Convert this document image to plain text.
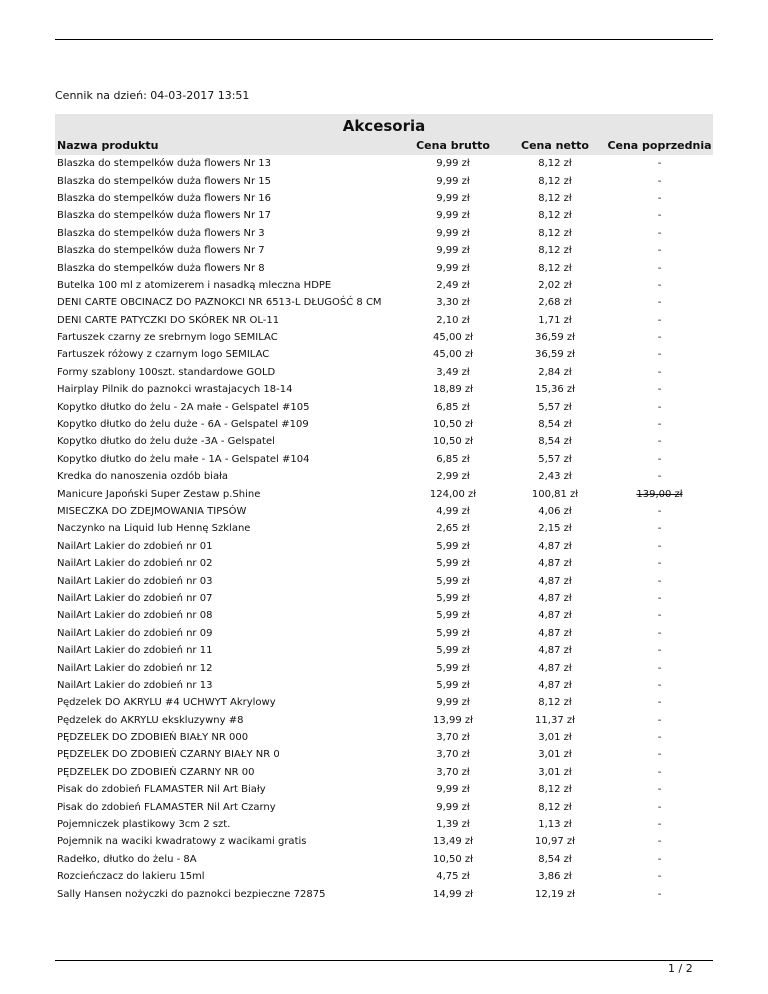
Cennik na dzień: 04-03-2017 13:51
Akcesoria
Nazwa produktu	Cena brutto	Cena netto	Cena poprzednia
Blaszka do stempelków duża flowers Nr 13	9,99 zł	8,12 zł	-
Blaszka do stempelków duża flowers Nr 15	9,99 zł	8,12 zł	-
Blaszka do stempelków duża flowers Nr 16	9,99 zł	8,12 zł	-
Blaszka do stempelków duża flowers Nr 17	9,99 zł	8,12 zł	-
Blaszka do stempelków duża flowers Nr 3	9,99 zł	8,12 zł	-
Blaszka do stempelków duża flowers Nr 7	9,99 zł	8,12 zł	-
Blaszka do stempelków duża flowers Nr 8	9,99 zł	8,12 zł	-
Butelka 100 ml z atomizerem i nasadką mleczna HDPE	2,49 zł	2,02 zł	-
DENI CARTE OBCINACZ DO PAZNOKCI NR 6513-L DŁUGOŚĆ 8 CM	3,30 zł	2,68 zł	-
DENI CARTE PATYCZKI DO SKÓREK NR OL-11	2,10 zł	1,71 zł	-
Fartuszek czarny ze srebrnym logo SEMILAC	45,00 zł	36,59 zł	-
Fartuszek różowy z czarnym logo SEMILAC	45,00 zł	36,59 zł	-
Formy szablony 100szt. standardowe GOLD	3,49 zł	2,84 zł	-
Hairplay Pilnik do paznokci wrastajacych 18-14	18,89 zł	15,36 zł	-
Kopytko dłutko do żelu - 2A małe - Gelspatel #105	6,85 zł	5,57 zł	-
Kopytko dłutko do żelu duże - 6A - Gelspatel #109	10,50 zł	8,54 zł	-
Kopytko dłutko do żelu duże -3A - Gelspatel	10,50 zł	8,54 zł	-
Kopytko dłutko do żelu małe - 1A - Gelspatel #104	6,85 zł	5,57 zł	-
Kredka do nanoszenia ozdób biała	2,99 zł	2,43 zł	-
Manicure Japoński Super Zestaw p.Shine	124,00 zł	100,81 zł	139,00 zł
MISECZKA DO ZDEJMOWANIA TIPSÓW	4,99 zł	4,06 zł	-
Naczynko na Liquid lub Hennę Szklane	2,65 zł	2,15 zł	-
NailArt Lakier do zdobień nr 01	5,99 zł	4,87 zł	-
NailArt Lakier do zdobień nr 02	5,99 zł	4,87 zł	-
NailArt Lakier do zdobień nr 03	5,99 zł	4,87 zł	-
NailArt Lakier do zdobień nr 07	5,99 zł	4,87 zł	-
NailArt Lakier do zdobień nr 08	5,99 zł	4,87 zł	-
NailArt Lakier do zdobień nr 09	5,99 zł	4,87 zł	-
NailArt Lakier do zdobień nr 11	5,99 zł	4,87 zł	-
NailArt Lakier do zdobień nr 12	5,99 zł	4,87 zł	-
NailArt Lakier do zdobień nr 13	5,99 zł	4,87 zł	-
Pędzelek DO AKRYLU #4 UCHWYT Akrylowy	9,99 zł	8,12 zł	-
Pędzelek do AKRYLU ekskluzywny #8	13,99 zł	11,37 zł	-
PĘDZELEK DO ZDOBIEŃ BIAŁY NR 000	3,70 zł	3,01 zł	-
PĘDZELEK DO ZDOBIEŃ CZARNY BIAŁY NR 0	3,70 zł	3,01 zł	-
PĘDZELEK DO ZDOBIEŃ CZARNY NR 00	3,70 zł	3,01 zł	-
Pisak do zdobień FLAMASTER Nil Art Biały	9,99 zł	8,12 zł	-
Pisak do zdobień FLAMASTER Nil Art Czarny	9,99 zł	8,12 zł	-
Pojemniczek plastikowy 3cm 2 szt.	1,39 zł	1,13 zł	-
Pojemnik na waciki kwadratowy z wacikami gratis	13,49 zł	10,97 zł	-
Radełko, dłutko do żelu - 8A	10,50 zł	8,54 zł	-
Rozcieńczacz do lakieru 15ml	4,75 zł	3,86 zł	-
Sally Hansen nożyczki do paznokci bezpieczne 72875	14,99 zł	12,19 zł	-
1 / 2
